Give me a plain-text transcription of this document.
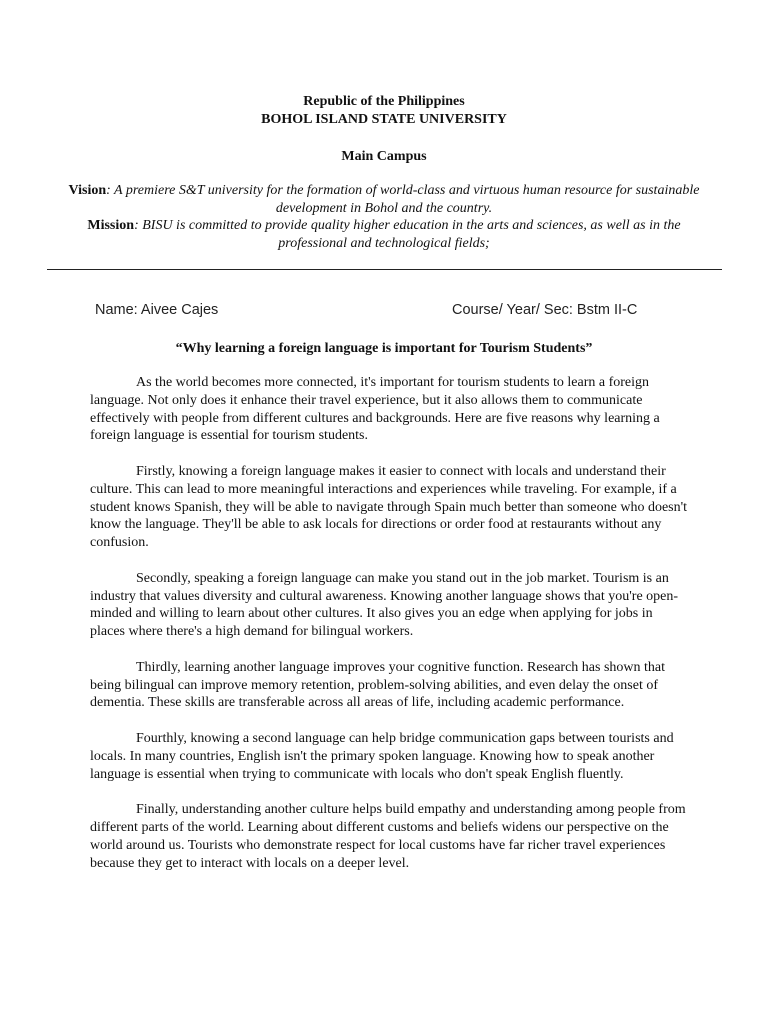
Republic of the Philippines

BOHOL ISLAND STATE UNIVERSITY

Main Campus

Vision: A premiere S&T university for the formation of world-class and virtuous human resource for sustainable development in Bohol and the country.

Mission: BISU is committed to provide quality higher education in the arts and sciences, as well as in the professional and technological fields;

Name: Aivee Cajes	Course/ Year/ Sec: Bstm II-C

“Why learning a foreign language is important for Tourism Students”

As the world becomes more connected, it's important for tourism students to learn a foreign language. Not only does it enhance their travel experience, but it also allows them to communicate effectively with people from different cultures and backgrounds. Here are five reasons why learning a foreign language is essential for tourism students.

Firstly, knowing a foreign language makes it easier to connect with locals and understand their culture. This can lead to more meaningful interactions and experiences while traveling. For example, if a student knows Spanish, they will be able to navigate through Spain much better than someone who doesn't know the language. They'll be able to ask locals for directions or order food at restaurants without any confusion.

Secondly, speaking a foreign language can make you stand out in the job market. Tourism is an industry that values diversity and cultural awareness. Knowing another language shows that you're open-minded and willing to learn about other cultures. It also gives you an edge when applying for jobs in places where there's a high demand for bilingual workers.

Thirdly, learning another language improves your cognitive function. Research has shown that being bilingual can improve memory retention, problem-solving abilities, and even delay the onset of dementia. These skills are transferable across all areas of life, including academic performance.

Fourthly, knowing a second language can help bridge communication gaps between tourists and locals. In many countries, English isn't the primary spoken language. Knowing how to speak another language is essential when trying to communicate with locals who don't speak English fluently.

Finally, understanding another culture helps build empathy and understanding among people from different parts of the world. Learning about different customs and beliefs widens our perspective on the world around us. Tourists who demonstrate respect for local customs have far richer travel experiences because they get to interact with locals on a deeper level.
